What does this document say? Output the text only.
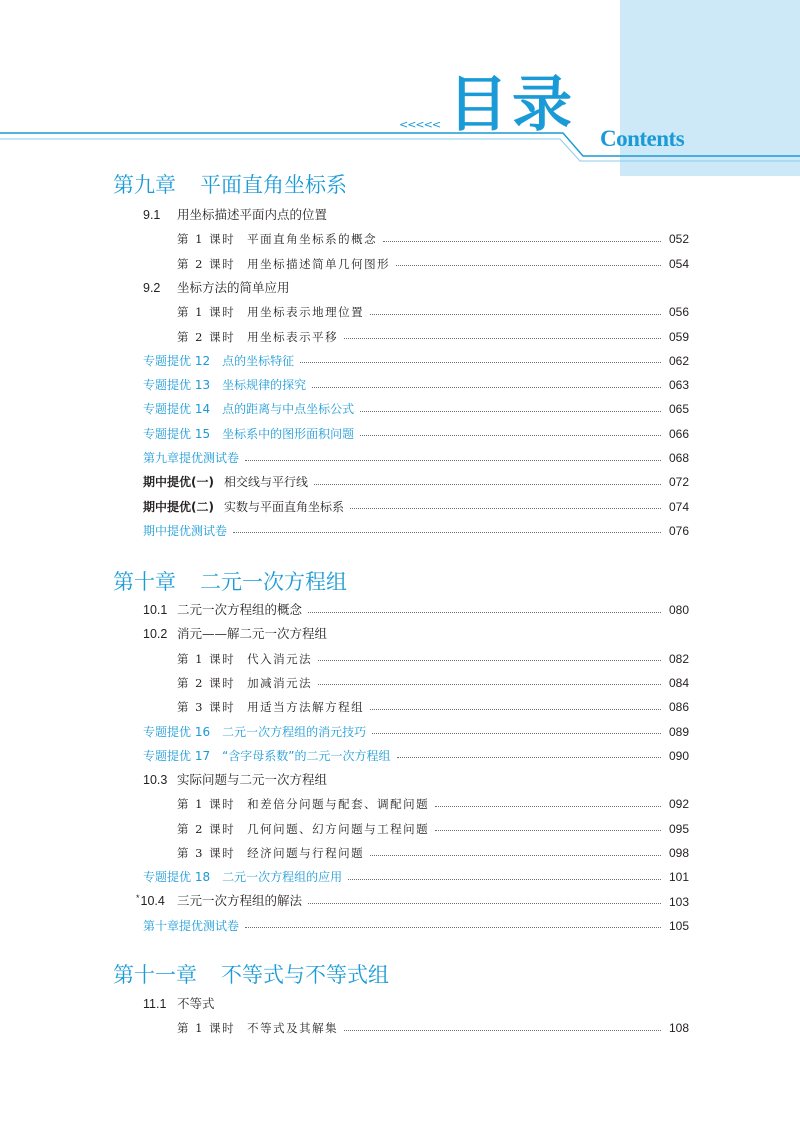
<<<<< 目录 Contents
第九章 平面直角坐标系
9.1 用坐标描述平面内点的位置
第 1 课时 平面直角坐标系的概念	052
第 2 课时 用坐标描述简单几何图形	054
9.2 坐标方法的简单应用
第 1 课时 用坐标表示地理位置	056
第 2 课时 用坐标表示平移	059
专题提优 12 点的坐标特征	062
专题提优 13 坐标规律的探究	063
专题提优 14 点的距离与中点坐标公式	065
专题提优 15 坐标系中的图形面积问题	066
第九章提优测试卷	068
期中提优(一) 相交线与平行线	072
期中提优(二) 实数与平面直角坐标系	074
期中提优测试卷	076
第十章 二元一次方程组
10.1 二元一次方程组的概念	080
10.2 消元——解二元一次方程组
第 1 课时 代入消元法	082
第 2 课时 加减消元法	084
第 3 课时 用适当方法解方程组	086
专题提优 16 二元一次方程组的消元技巧	089
专题提优 17 “含字母系数”的二元一次方程组	090
10.3 实际问题与二元一次方程组
第 1 课时 和差倍分问题与配套、调配问题	092
第 2 课时 几何问题、幻方问题与工程问题	095
第 3 课时 经济问题与行程问题	098
专题提优 18 二元一次方程组的应用	101
*10.4 三元一次方程组的解法	103
第十章提优测试卷	105
第十一章 不等式与不等式组
11.1 不等式
第 1 课时 不等式及其解集	108
